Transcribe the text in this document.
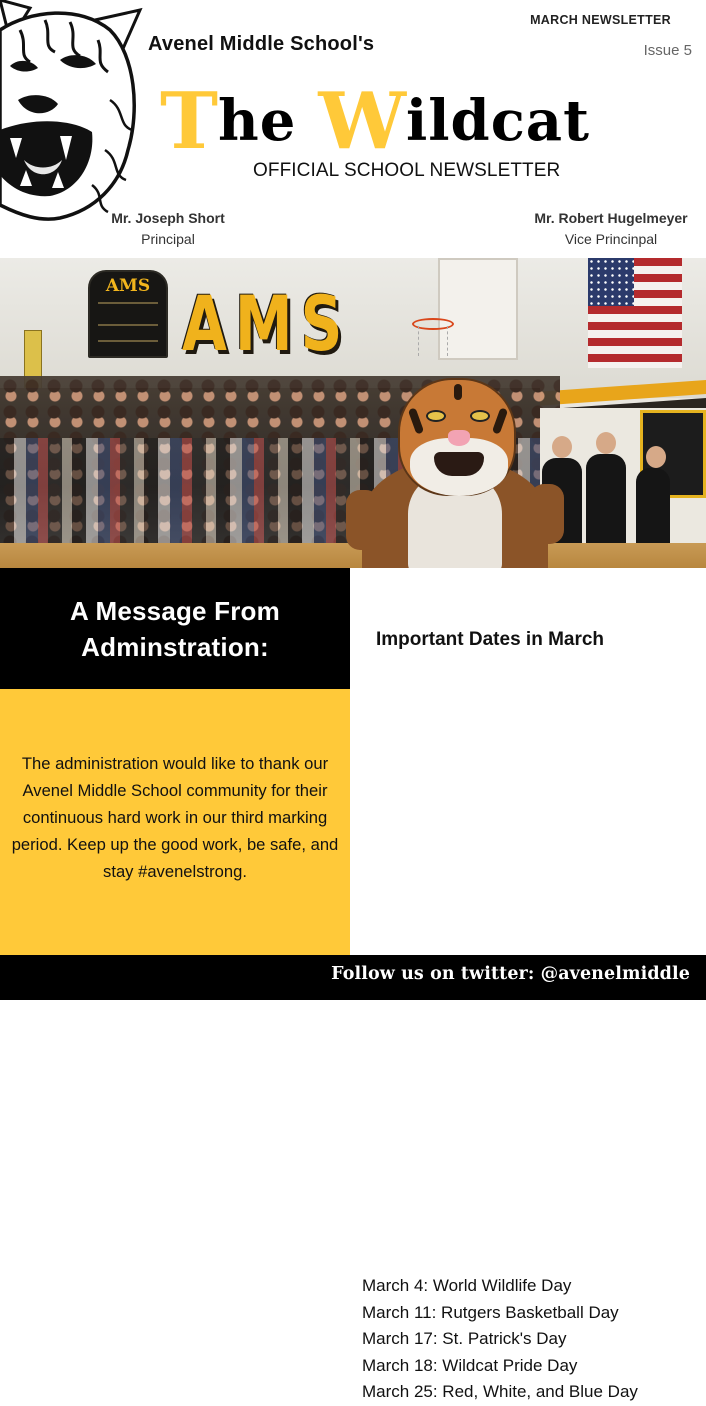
Avenel Middle School's
MARCH NEWSLETTER
Issue 5
The Wildcat
OFFICIAL SCHOOL NEWSLETTER
Mr. Joseph Short
Principal
Mr. Robert Hugelmeyer
Vice Princinpal
AMS AMS
A Message From
Adminstration:

The administration would like to thank our Avenel Middle School community for their continuous hard work in our third marking period. Keep up the good work, be safe, and stay #avenelstrong.

Important Dates in March
March 4: World Wildlife Day
March 11: Rutgers Basketball Day
March 17: St. Patrick's Day
March 18: Wildcat Pride Day
March 25: Red, White, and Blue Day
Follow us on twitter: @avenelmiddle
